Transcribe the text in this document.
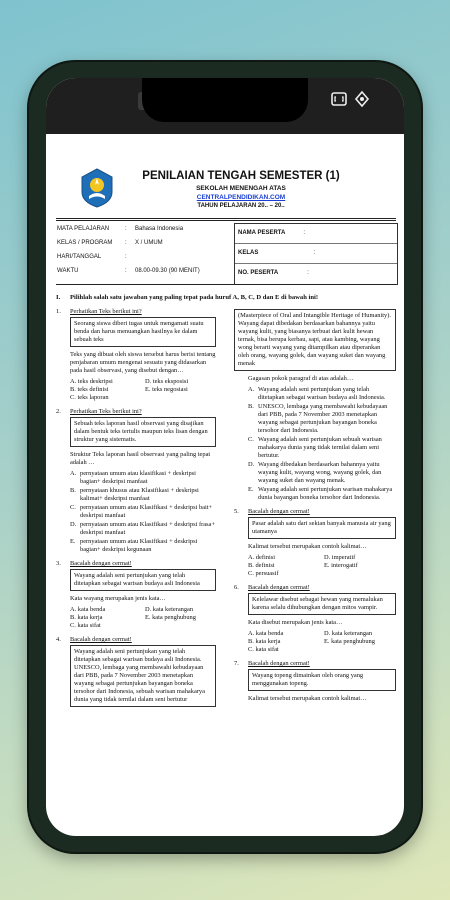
PENILAIAN TENGAH SEMESTER (1)
SEKOLAH MENENGAH ATAS
CENTRALPENDIDIKAN.COM
TAHUN PELAJARAN 20.. – 20..
MATA PELAJARAN	: Bahasa Indonesia
KELAS / PROGRAM : X / UMUM
HARI/TANGGAL	:
WAKTU	: 08.00-09.30 (90 MENIT)
NAMA PESERTA	:
KELAS	:
NO. PESERTA	:
I. Pilihlah salah satu jawaban yang paling tepat pada huruf A, B, C, D dan E di bawah ini!
1.	Perhatikan Teks berikut ini?
Seorang siswa diberi tugas untuk mengamati suatu benda dan harus menuangkan hasilnya ke dalam sebuah teks
Teks yang dibuat oleh siswa tersebut harus berisi tentang penjabaran umum mengenai sesuatu yang didasarkan pada hasil observasi, yang disebut dengan…
A. teks deskripsi	D. teks eksposisi
B. teks definisi	E. teks negosiasi
C. teks laporan
2.	Perhatikan Teks berikut ini?
Sebuah teks laporan hasil observasi yang disajikan dalam bentuk teks tertulis maupun teks lisan dengan struktur yang sistematis.
Struktur Teks laporan hasil observasi yang paling tepat adalah …
A. pernyataan umum atau klasifikasi + deskripsi bagian+ deskripsi manfaat
B. pernyataan khusus atau Klasifikasi + deskripsi kalimat+ deskripsi manfaat
C. pernyataan umum atau Klasifikasi + deskripsi bait+ deskripsi manfaat
D. pernyataan umum atau Klasifikasi + deskripsi frasa+ deskripsi manfaat
E. pernyataan umum atau Klasifikasi + deskripsi bagian+ deskripsi kegunaan
3.	Bacalah dengan cermat!
Wayang adalah seni pertunjukan yang telah ditetapkan sebagai warisan budaya asli Indonesia
Kata wayang merupakan jenis kata…
A. kata benda	D. kata keterangan
B. kata kerja	E. kata penghubung
C. kata sifat
4.	Bacalah dengan cermat!
Wayang adalah seni pertunjukan yang telah ditetapkan sebagai warisan budaya asli Indonesia. UNESCO, lembaga yang membawahi kebudayaan dari PBB, pada 7 November 2003 menetapkan wayang sebagai pertunjukan bayangan boneka tersohor dari Indonesia, sebuah warisan mahakarya dunia yang tidak ternilai dalam seni bertutur
(Masterpiece of Oral and Intangible Heritage of Humanity). Wayang dapat dibedakan berdasarkan bahannya yaitu wayang kulit, yang biasanya terbuat dari kulit hewan ternak, bisa berupa kerbau, sapi, atau kambing, wayang wong berarti wayang yang ditampilkan atau diperankan oleh orang, wayang golek, dan wayang suket dan wayang menak
Gagasan pokok paragraf di atas adalah…
A. Wayang adalah seni pertunjukan yang telah ditetapkan sebagai warisan budaya asli Indonesia.
B. UNESCO, lembaga yang membawahi kebudayaan dari PBB, pada 7 November 2003 menetapkan wayang sebagai pertunjukan bayangan boneka tersohor dari Indonesia.
C. Wayang adalah seni pertunjukan sebuah warisan mahakarya dunia yang tidak ternilai dalam seni bertutur.
D. Wayang dibedakan berdasarkan bahannya yaitu wayang kulit, wayang wong, wayang golek, dan wayang suket dan wayang menak.
E. Wayang adalah seni pertunjukan warisan mahakarya dunia bayangan boneka tersohor dari Indonesia.
5.	Bacalah dengan cermat!
Pasar adalah satu dari sekian banyak manusia air yang utamanya
Kalimat tersebut merupakan contoh kalimat…
A. definisi	D. imperatif
B. definisi	E. interogatif
C. persuasif
6.	Bacalah dengan cermat!
Kelelawar disebut sebagai hewan yang memalukan karena selalu dihubungkan dengan mitos vampir.
Kata disebut merupakan jenis kata…
A. kata benda	D. kata keterangan
B. kata kerja	E. kata penghubung
C. kata sifat
7.	Bacalah dengan cermat!
Wayang topeng dimainkan oleh orang yang menggunakan topeng.
Kalimat tersebut merupakan contoh kalimat…
